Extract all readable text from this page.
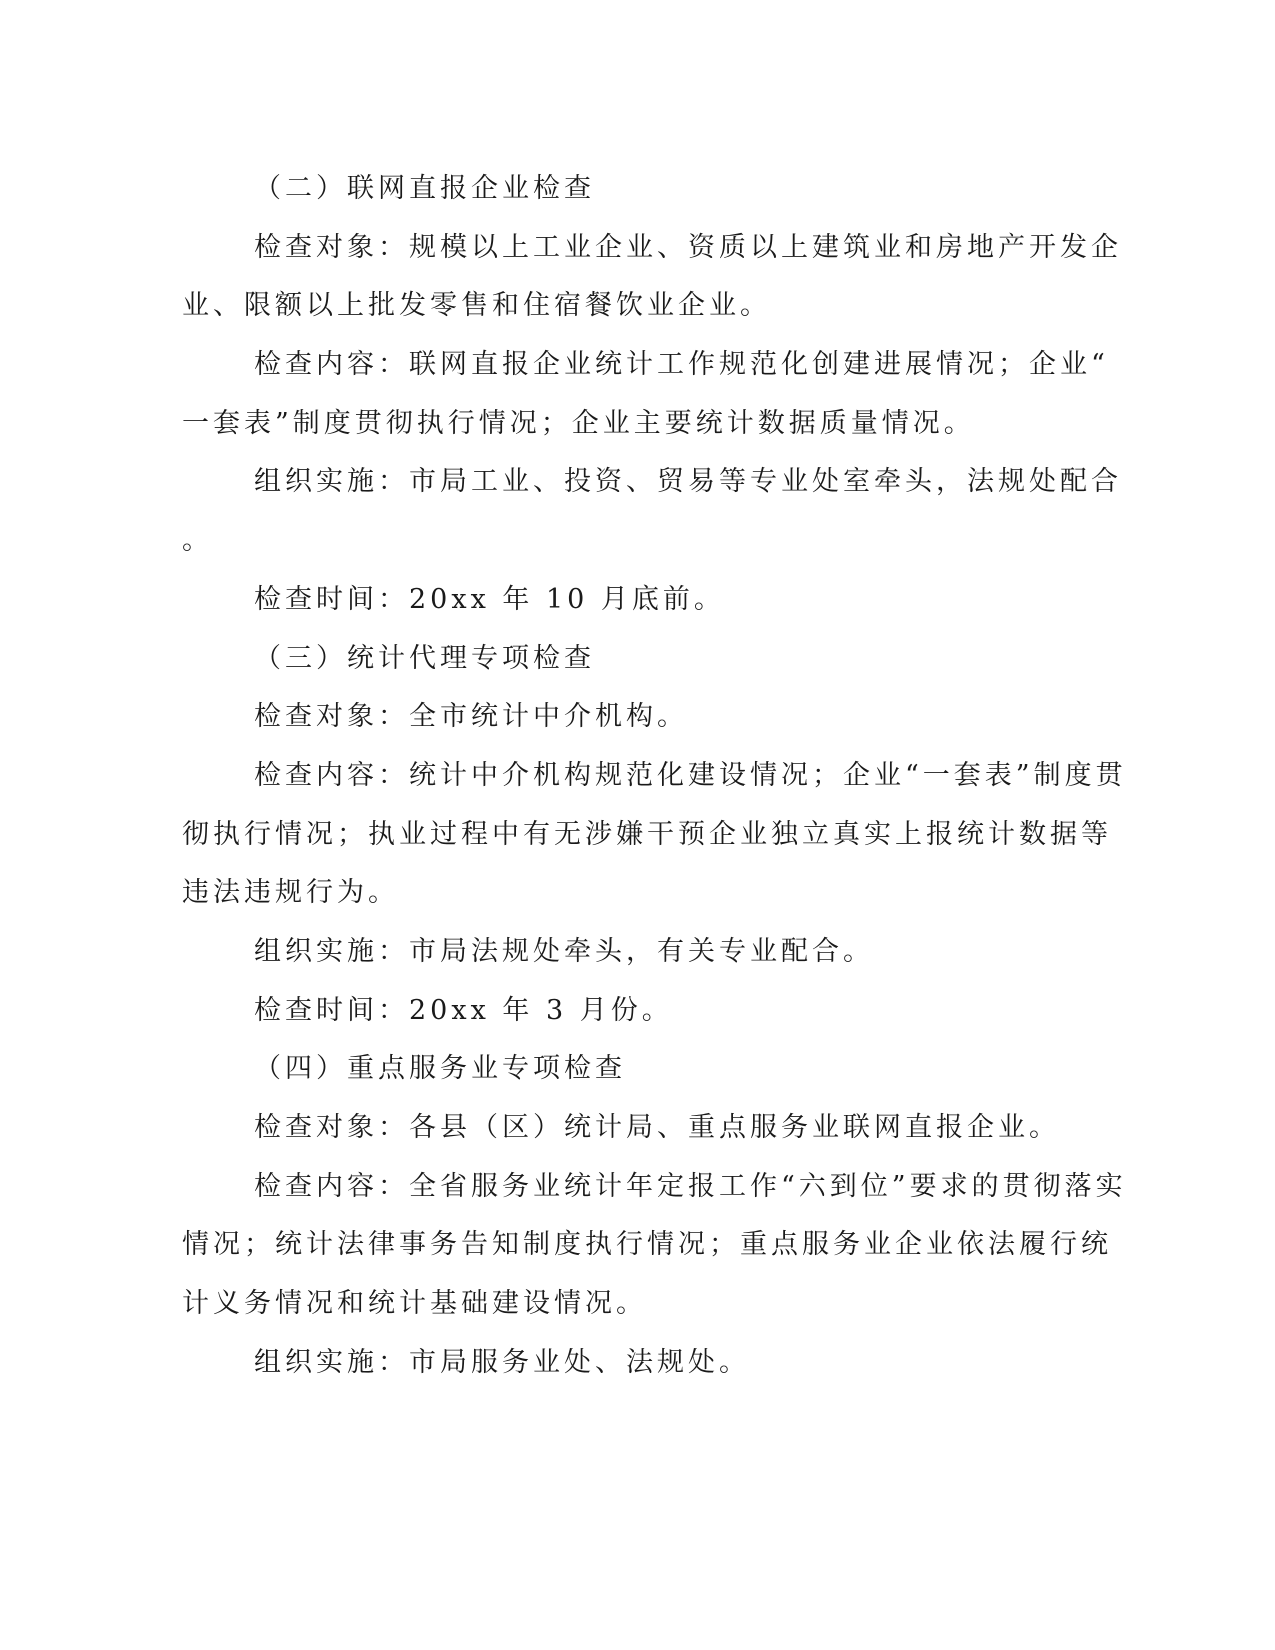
（二）联网直报企业检查
检查对象：规模以上工业企业、资质以上建筑业和房地产开发企
业、限额以上批发零售和住宿餐饮业企业。
检查内容：联网直报企业统计工作规范化创建进展情况；企业“
一套表”制度贯彻执行情况；企业主要统计数据质量情况。
组织实施：市局工业、投资、贸易等专业处室牵头，法规处配合
。
检查时间：20xx 年 10 月底前。
（三）统计代理专项检查
检查对象：全市统计中介机构。
检查内容：统计中介机构规范化建设情况；企业“一套表”制度贯
彻执行情况；执业过程中有无涉嫌干预企业独立真实上报统计数据等
违法违规行为。
组织实施：市局法规处牵头，有关专业配合。
检查时间：20xx 年 3 月份。
（四）重点服务业专项检查
检查对象：各县（区）统计局、重点服务业联网直报企业。
检查内容：全省服务业统计年定报工作“六到位”要求的贯彻落实
情况；统计法律事务告知制度执行情况；重点服务业企业依法履行统
计义务情况和统计基础建设情况。
组织实施：市局服务业处、法规处。
